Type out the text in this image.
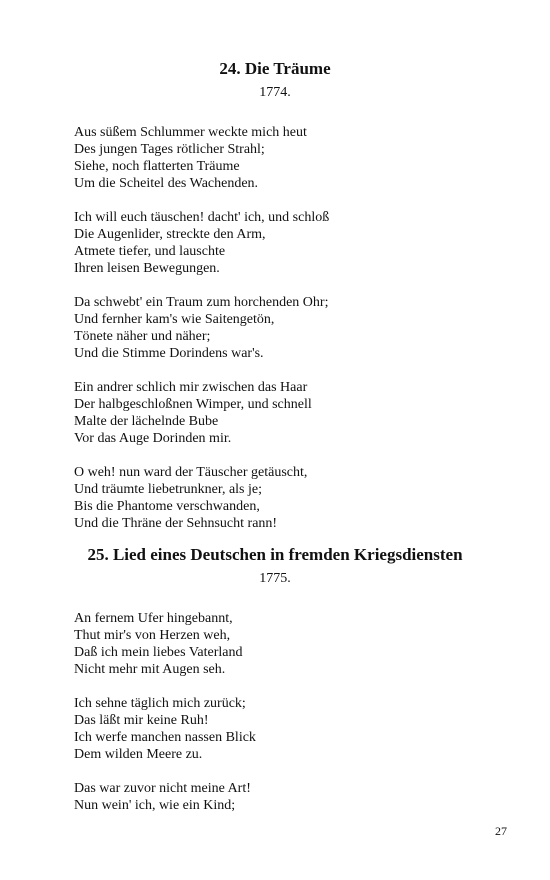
24. Die Träume
1774.
Aus süßem Schlummer weckte mich heut
Des jungen Tages rötlicher Strahl;
Siehe, noch flatterten Träume
Um die Scheitel des Wachenden.
Ich will euch täuschen! dacht' ich, und schloß
Die Augenlider, streckte den Arm,
Atmete tiefer, und lauschte
Ihren leisen Bewegungen.
Da schwebt' ein Traum zum horchenden Ohr;
Und fernher kam's wie Saitengetön,
Tönete näher und näher;
Und die Stimme Dorindens war's.
Ein andrer schlich mir zwischen das Haar
Der halbgeschloßnen Wimper, und schnell
Malte der lächelnde Bube
Vor das Auge Dorinden mir.
O weh! nun ward der Täuscher getäuscht,
Und träumte liebetrunkner, als je;
Bis die Phantome verschwanden,
Und die Thräne der Sehnsucht rann!
25. Lied eines Deutschen in fremden Kriegsdiensten
1775.
An fernem Ufer hingebannt,
Thut mir's von Herzen weh,
Daß ich mein liebes Vaterland
Nicht mehr mit Augen seh.
Ich sehne täglich mich zurück;
Das läßt mir keine Ruh!
Ich werfe manchen nassen Blick
Dem wilden Meere zu.
Das war zuvor nicht meine Art!
Nun wein' ich, wie ein Kind;
27
